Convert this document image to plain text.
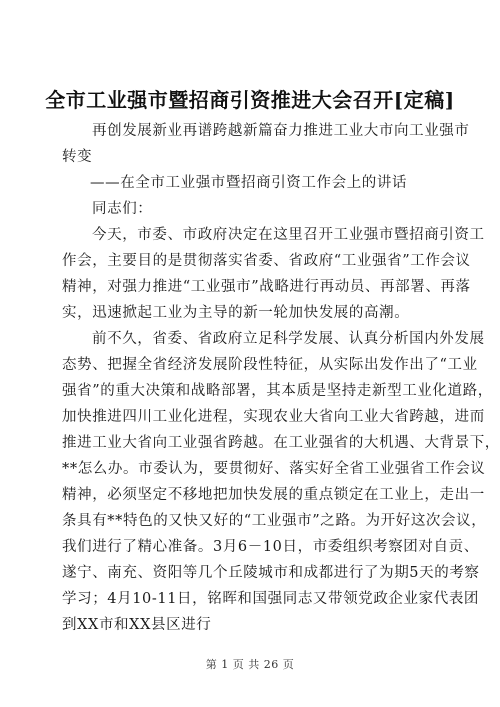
全市工业强市暨招商引资推进大会召开[定稿]
再创发展新业再谱跨越新篇奋力推进工业大市向工业强市
转变
——在全市工业强市暨招商引资工作会上的讲话
同志们：
今天，市委、市政府决定在这里召开工业强市暨招商引资工
作会，主要目的是贯彻落实省委、省政府“工业强省”工作会议
精神，对强力推进“工业强市”战略进行再动员、再部署、再落
实，迅速掀起工业为主导的新一轮加快发展的高潮。
前不久，省委、省政府立足科学发展、认真分析国内外发展
态势、把握全省经济发展阶段性特征，从实际出发作出了“工业
强省”的重大决策和战略部署，其本质是坚持走新型工业化道路，
加快推进四川工业化进程，实现农业大省向工业大省跨越，进而
推进工业大省向工业强省跨越。在工业强省的大机遇、大背景下，
**怎么办。市委认为，要贯彻好、落实好全省工业强省工作会议
精神，必须坚定不移地把加快发展的重点锁定在工业上，走出一
条具有**特色的又快又好的“工业强市”之路。为开好这次会议，
我们进行了精心准备。3月6－10日，市委组织考察团对自贡、
遂宁、南充、资阳等几个丘陵城市和成都进行了为期5天的考察
学习；4月10-11日，铭晖和国强同志又带领党政企业家代表团
到XX市和XX县区进行
第 1 页 共 26 页
